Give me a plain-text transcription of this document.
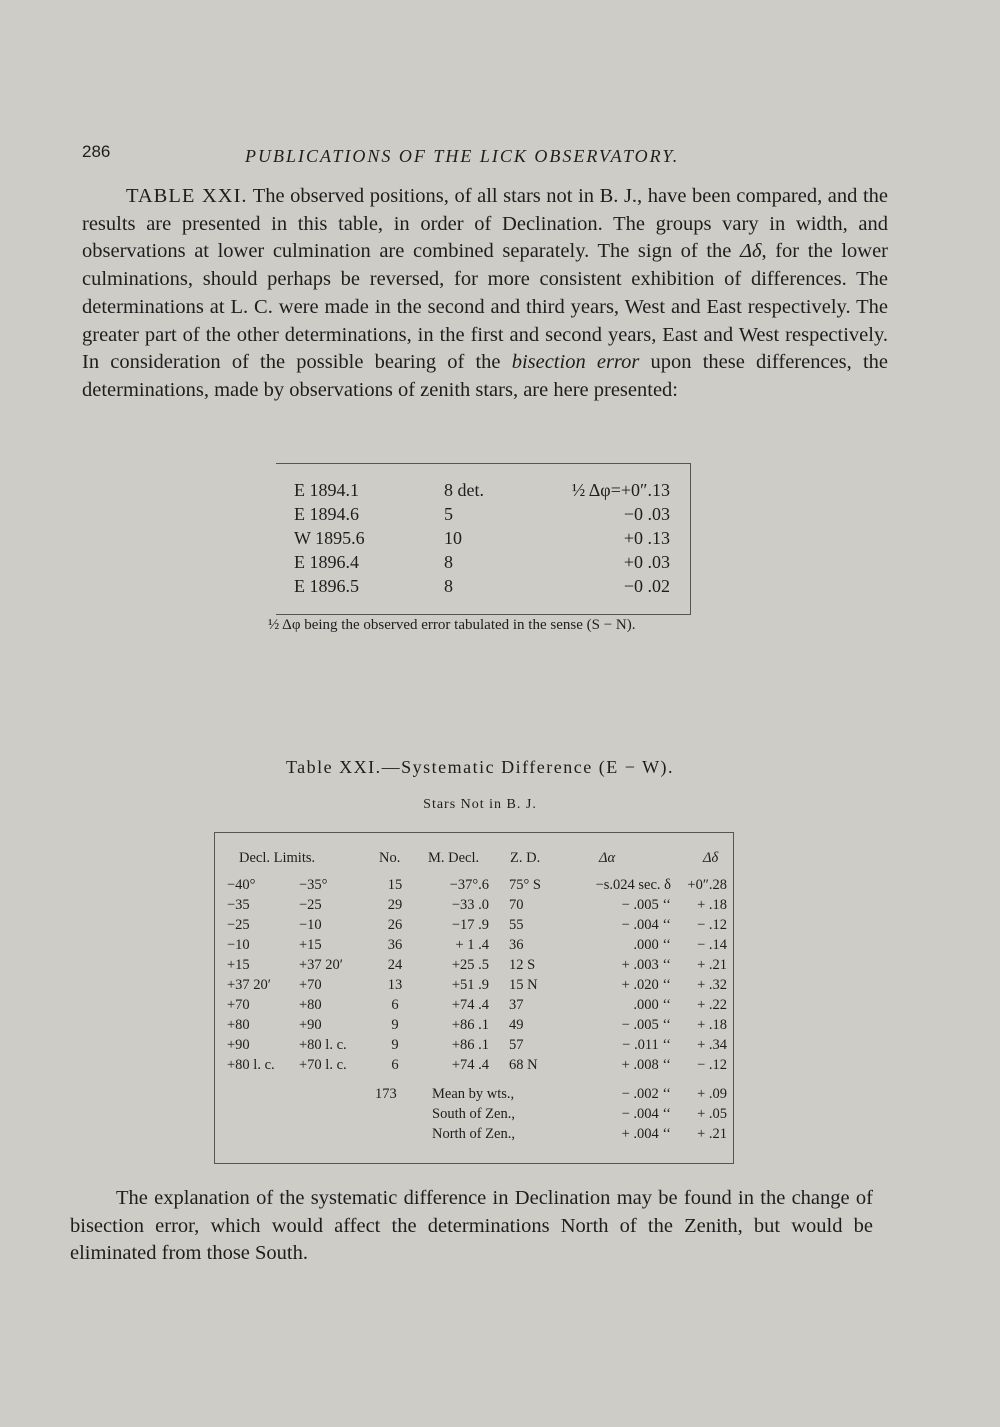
286	PUBLICATIONS OF THE LICK OBSERVATORY.

TABLE XXI. The observed positions, of all stars not in B. J., have been compared, and the results are presented in this table, in order of Declination. The groups vary in width, and observations at lower culmination are combined separately. The sign of the Δδ, for the lower culminations, should perhaps be reversed, for more consistent exhibition of differences. The determinations at L. C. were made in the second and third years, West and East respectively. The greater part of the other determinations, in the first and second years, East and West respectively. In consideration of the possible bearing of the bisection error upon these differences, the determinations, made by observations of zenith stars, are here presented:

E 1894.1	8 det.	½ Δφ=+0″.13
E 1894.6	5	−0 .03
W 1895.6	10	+0 .13
E 1896.4	8	+0 .03
E 1896.5	8	−0 .02
½ Δφ being the observed error tabulated in the sense (S − N).
Table XXI.—Systematic Difference (E − W).
Stars Not in B. J.
Decl. Limits.	No. M. Decl. Z. D.	Δα	Δδ
−40°	−35°	15	−37°.6 75° S	−s.024 sec. δ	+0″.28
−35	−25	29	−33 .0 70	− .005 ‘‘	+ .18
−25	−10	26	−17 .9 55	− .004 ‘‘	− .12
−10	+15	36	+ 1 .4 36	.000 ‘‘	− .14
+15	+37 20′	24	+25 .5 12 S	+ .003 ‘‘	+ .21
+37 20′ +70	13	+51 .9 15 N	+ .020 ‘‘	+ .32
+70	+80	6	+74 .4 37	.000 ‘‘	+ .22
+80	+90	9	+86 .1 49	− .005 ‘‘	+ .18
+90	+80 l. c.	9	+86 .1 57	− .011 ‘‘	+ .34
+80 l. c. +70 l. c.	6	+74 .4 68 N	+ .008 ‘‘	− .12
173 Mean by wts.,	− .002 ‘‘	+ .09
South of Zen.,	− .004 ‘‘	+ .05
North of Zen.,	+ .004 ‘‘	+ .21

The explanation of the systematic difference in Declination may be found in the change of bisection error, which would affect the determinations North of the Zenith, but would be eliminated from those South.
